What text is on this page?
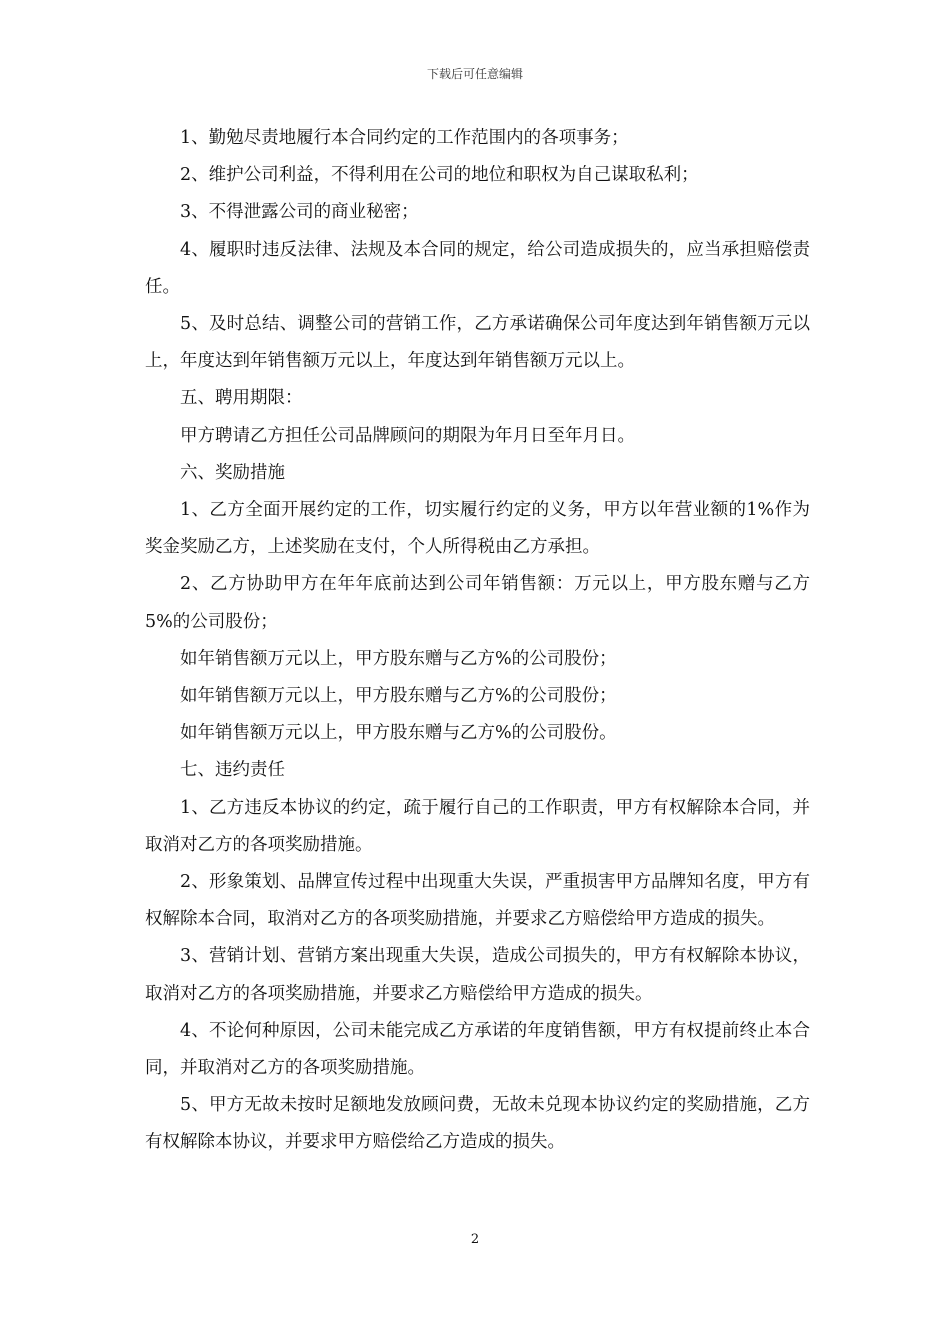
下载后可任意编辑

1、勤勉尽责地履行本合同约定的工作范围内的各项事务；

2、维护公司利益，不得利用在公司的地位和职权为自己谋取私利；

3、不得泄露公司的商业秘密；

4、履职时违反法律、法规及本合同的规定，给公司造成损失的，应当承担赔偿责任。

5、及时总结、调整公司的营销工作，乙方承诺确保公司年度达到年销售额万元以上，年度达到年销售额万元以上，年度达到年销售额万元以上。

五、聘用期限：

甲方聘请乙方担任公司品牌顾问的期限为年月日至年月日。

六、奖励措施

1、乙方全面开展约定的工作，切实履行约定的义务，甲方以年营业额的1%作为奖金奖励乙方，上述奖励在支付，个人所得税由乙方承担。

2、乙方协助甲方在年年底前达到公司年销售额：万元以上，甲方股东赠与乙方5%的公司股份；

如年销售额万元以上，甲方股东赠与乙方%的公司股份；

如年销售额万元以上，甲方股东赠与乙方%的公司股份；

如年销售额万元以上，甲方股东赠与乙方%的公司股份。

七、违约责任

1、乙方违反本协议的约定，疏于履行自己的工作职责，甲方有权解除本合同，并取消对乙方的各项奖励措施。

2、形象策划、品牌宣传过程中出现重大失误，严重损害甲方品牌知名度，甲方有权解除本合同，取消对乙方的各项奖励措施，并要求乙方赔偿给甲方造成的损失。

3、营销计划、营销方案出现重大失误，造成公司损失的，甲方有权解除本协议，取消对乙方的各项奖励措施，并要求乙方赔偿给甲方造成的损失。

4、不论何种原因，公司未能完成乙方承诺的年度销售额，甲方有权提前终止本合同，并取消对乙方的各项奖励措施。

5、甲方无故未按时足额地发放顾问费，无故未兑现本协议约定的奖励措施，乙方有权解除本协议，并要求甲方赔偿给乙方造成的损失。

2
